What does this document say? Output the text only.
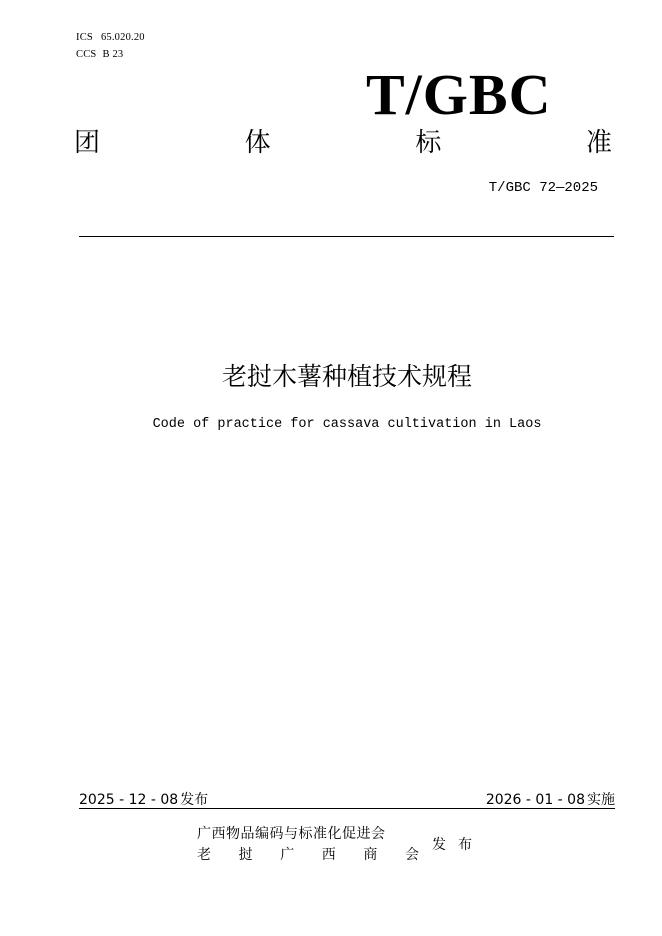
ICS 65.020.20
CCS B 23
T/GBC
团	体	标	准
T/GBC 72—2025
老挝木薯种植技术规程
Code of practice for cassava cultivation in Laos
2025 - 12 - 08 发布	2026 - 01 - 08 实施
广西物品编码与标准化促进会
老 挝 广 西 商 会
发布
